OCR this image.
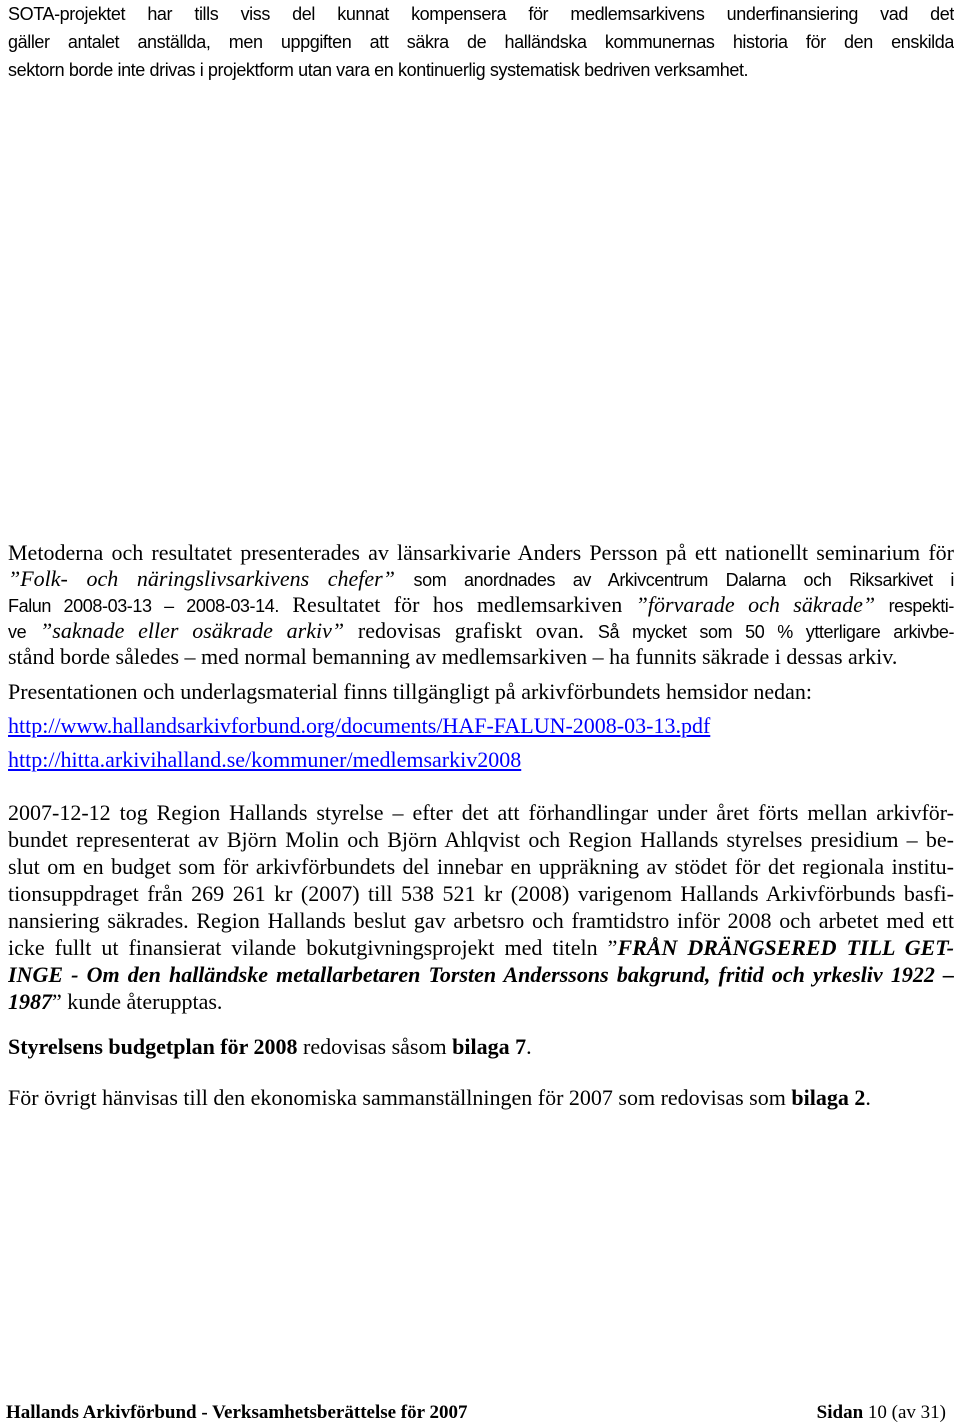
SOTA-projektet har tills viss del kunnat kompensera för medlemsarkivens underfinansiering vad det
gäller antalet anställda, men uppgiften att säkra de halländska kommunernas historia för den enskilda
sektorn borde inte drivas i projektform utan vara en kontinuerlig systematisk bedriven verksamhet.
Metoderna och resultatet presenterades av länsarkivarie Anders Persson på ett nationellt seminarium för
”Folk- och näringslivsarkivens chefer” som anordnades av Arkivcentrum Dalarna och Riksarkivet i
Falun 2008-03-13 – 2008-03-14. Resultatet för hos medlemsarkiven ”förvarade och säkrade” respekti-
ve ”saknade eller osäkrade arkiv” redovisas grafiskt ovan. Så mycket som 50 % ytterligare arkivbe-
stånd borde således – med normal bemanning av medlemsarkiven – ha funnits säkrade i dessas arkiv.
Presentationen och underlagsmaterial finns tillgängligt på arkivförbundets hemsidor nedan:
http://www.hallandsarkivforbund.org/documents/HAF-FALUN-2008-03-13.pdf
http://hitta.arkivihalland.se/kommuner/medlemsarkiv2008
2007-12-12 tog Region Hallands styrelse – efter det att förhandlingar under året förts mellan arkivför-
bundet representerat av Björn Molin och Björn Ahlqvist och Region Hallands styrelses presidium – be-
slut om en budget som för arkivförbundets del innebar en uppräkning av stödet för det regionala institu-
tionsuppdraget från 269 261 kr (2007) till 538 521 kr (2008) varigenom Hallands Arkivförbunds basfi-
nansiering säkrades. Region Hallands beslut gav arbetsro och framtidstro inför 2008 och arbetet med ett
icke fullt ut finansierat vilande bokutgivningsprojekt med titeln ”FRÅN DRÄNGSERED TILL GET-
INGE - Om den halländske metallarbetaren Torsten Anderssons bakgrund, fritid och yrkesliv 1922 –
1987” kunde återupptas.
Styrelsens budgetplan för 2008 redovisas såsom bilaga 7.
För övrigt hänvisas till den ekonomiska sammanställningen för 2007 som redovisas som bilaga 2.
Hallands Arkivförbund - Verksamhetsberättelse för 2007	Sidan 10 (av 31)
